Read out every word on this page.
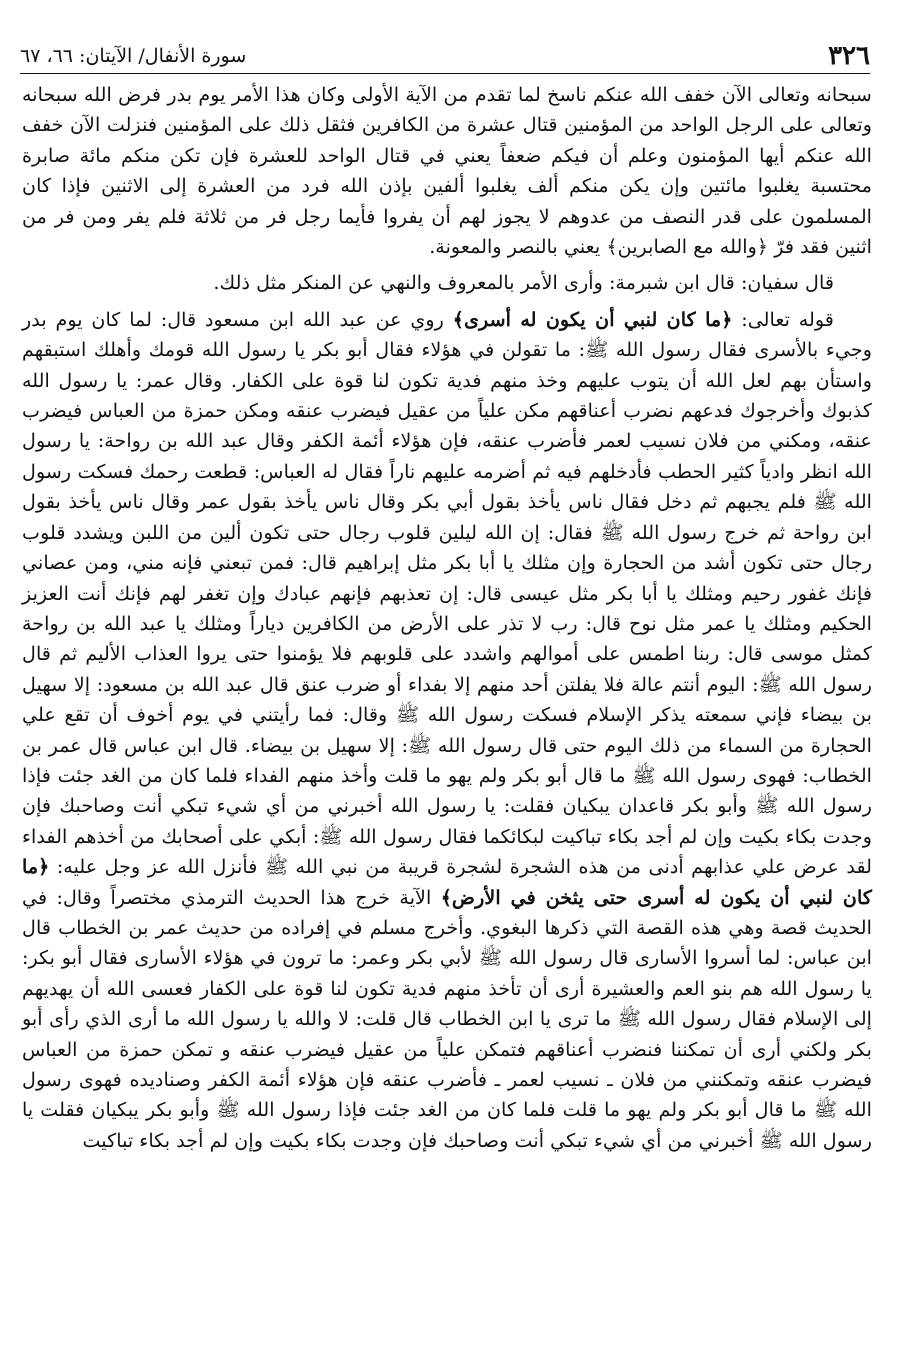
٣٢٦
سورة الأنفال/ الآيتان: ٦٦، ٦٧

سبحانه وتعالى الآن خفف الله عنكم ناسخ لما تقدم من الآية الأولى وكان هذا الأمر يوم بدر فرض الله سبحانه وتعالى على الرجل الواحد من المؤمنين قتال عشرة من الكافرين فثقل ذلك على المؤمنين فنزلت الآن خفف الله عنكم أيها المؤمنون وعلم أن فيكم ضعفاً يعني في قتال الواحد للعشرة فإن تكن منكم مائة صابرة محتسبة يغلبوا مائتين وإن يكن منكم ألف يغلبوا ألفين بإذن الله فرد من العشرة إلى الاثنين فإذا كان المسلمون على قدر النصف من عدوهم لا يجوز لهم أن يفروا فأيما رجل فر من ثلاثة فلم يفر ومن فر من اثنين فقد فرّ ﴿والله مع الصابرين﴾ يعني بالنصر والمعونة.

قال سفيان: قال ابن شبرمة: وأرى الأمر بالمعروف والنهي عن المنكر مثل ذلك.

قوله تعالى: ﴿ما كان لنبي أن يكون له أسرى﴾ روي عن عبد الله ابن مسعود قال: لما كان يوم بدر وجيء بالأسرى فقال رسول الله ﷺ: ما تقولن في هؤلاء فقال أبو بكر يا رسول الله قومك وأهلك استبقهم واستأن بهم لعل الله أن يتوب عليهم وخذ منهم فدية تكون لنا قوة على الكفار. وقال عمر: يا رسول الله كذبوك وأخرجوك فدعهم نضرب أعناقهم مكن علياً من عقيل فيضرب عنقه ومكن حمزة من العباس فيضرب عنقه، ومكني من فلان نسيب لعمر فأضرب عنقه، فإن هؤلاء أئمة الكفر وقال عبد الله بن رواحة: يا رسول الله انظر وادياً كثير الحطب فأدخلهم فيه ثم أضرمه عليهم ناراً فقال له العباس: قطعت رحمك فسكت رسول الله ﷺ فلم يجبهم ثم دخل فقال ناس يأخذ بقول أبي بكر وقال ناس يأخذ بقول عمر وقال ناس يأخذ بقول ابن رواحة ثم خرج رسول الله ﷺ فقال: إن الله ليلين قلوب رجال حتى تكون ألين من اللبن ويشدد قلوب رجال حتى تكون أشد من الحجارة وإن مثلك يا أبا بكر مثل إبراهيم قال: فمن تبعني فإنه مني، ومن عصاني فإنك غفور رحيم ومثلك يا أبا بكر مثل عيسى قال: إن تعذبهم فإنهم عبادك وإن تغفر لهم فإنك أنت العزيز الحكيم ومثلك يا عمر مثل نوح قال: رب لا تذر على الأرض من الكافرين دياراً ومثلك يا عبد الله بن رواحة كمثل موسى قال: ربنا اطمس على أموالهم واشدد على قلوبهم فلا يؤمنوا حتى يروا العذاب الأليم ثم قال رسول الله ﷺ: اليوم أنتم عالة فلا يفلتن أحد منهم إلا بفداء أو ضرب عنق قال عبد الله بن مسعود: إلا سهيل بن بيضاء فإني سمعته يذكر الإسلام فسكت رسول الله ﷺ وقال: فما رأيتني في يوم أخوف أن تقع علي الحجارة من السماء من ذلك اليوم حتى قال رسول الله ﷺ: إلا سهيل بن بيضاء. قال ابن عباس قال عمر بن الخطاب: فهوى رسول الله ﷺ ما قال أبو بكر ولم يهو ما قلت وأخذ منهم الفداء فلما كان من الغد جئت فإذا رسول الله ﷺ وأبو بكر قاعدان يبكيان فقلت: يا رسول الله أخبرني من أي شيء تبكي أنت وصاحبك فإن وجدت بكاء بكيت وإن لم أجد بكاء تباكيت لبكائكما فقال رسول الله ﷺ: أبكي على أصحابك من أخذهم الفداء لقد عرض علي عذابهم أدنى من هذه الشجرة لشجرة قريبة من نبي الله ﷺ فأنزل الله عز وجل عليه: ﴿ما كان لنبي أن يكون له أسرى حتى يثخن في الأرض﴾ الآية خرج هذا الحديث الترمذي مختصراً وقال: في الحديث قصة وهي هذه القصة التي ذكرها البغوي. وأخرج مسلم في إفراده من حديث عمر بن الخطاب قال ابن عباس: لما أسروا الأسارى قال رسول الله ﷺ لأبي بكر وعمر: ما ترون في هؤلاء الأسارى فقال أبو بكر: يا رسول الله هم بنو العم والعشيرة أرى أن تأخذ منهم فدية تكون لنا قوة على الكفار فعسى الله أن يهديهم إلى الإسلام فقال رسول الله ﷺ ما ترى يا ابن الخطاب قال قلت: لا والله يا رسول الله ما أرى الذي رأى أبو بكر ولكني أرى أن تمكننا فنضرب أعناقهم فتمكن علياً من عقيل فيضرب عنقه و تمكن حمزة من العباس فيضرب عنقه وتمكنني من فلان ـ نسيب لعمر ـ فأضرب عنقه فإن هؤلاء أئمة الكفر وصناديده فهوى رسول الله ﷺ ما قال أبو بكر ولم يهو ما قلت فلما كان من الغد جئت فإذا رسول الله ﷺ وأبو بكر يبكيان فقلت يا رسول الله ﷺ أخبرني من أي شيء تبكي أنت وصاحبك فإن وجدت بكاء بكيت وإن لم أجد بكاء تباكيت
